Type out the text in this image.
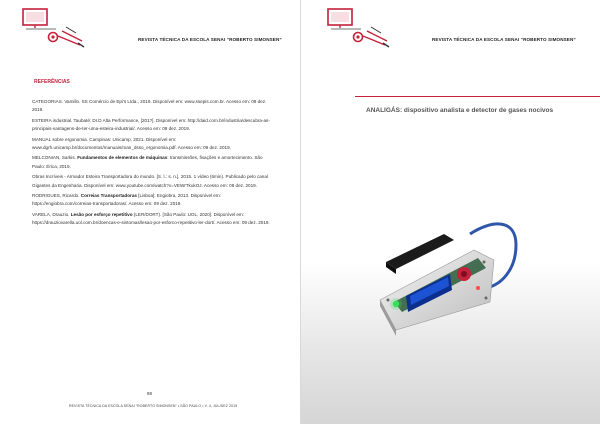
REVISTA TÉCNICA DA ESCOLA SENAI “ROBERTO SIMONSEN”
REFERÊNCIAS
CATEGORIAS. Vamillo. SS Comércio de Epi's Ltda., 2019. Disponível em: www.ssepis.com.br. Acesso em: 09 dez. 2019.
ESTEIRA industrial. Taubaté: DI.D Alta Performance, [201?]. Disponível em: http://daid.com.br/industria/descubra-as-principais-vantagens-de-ter-uma-esteira-industrial/. Acesso em: 09 dez. 2019.
MANUAL sobre ergonomia. Campinas: Unicamp, 2021. Disponível em: www.dgrh.unicamp.br/documentos/manuais/man_dsso_ergonomia.pdf. Acesso em: 09 dez. 2019.
MELCONIAN, Sarkis. Fundamentos de elementos de máquinas: transmissões, fixações e amortecimento. São Paulo: Érica, 2019.
Obras Incríveis - Armador Esteira Transportadora do mundo. [S. l.: s. n.], 2015. 1 vídeo (6min). Publicado pelo canal Gigantes da Engenharia. Disponível em: www.youtube.com/watch?v=VEWrTkukOJ. Acesso em: 09 dez. 2019.
RODRIGUES, Ricardo. Correias Transportadoras [Lisboa]: Engiobra, 2013. Disponível em: https://engiobra.com/correias-transportadoras/. Acesso em: 09 dez. 2019.
VARELA, Drauzio. Lesão por esforço repetitivo (LER/DORT). [São Paulo: UOL, 2020]. Disponível em: https://drauziovarella.uol.com.br/doencas-e-sintomas/lesao-por-esforco-repetitivo-ler-dort/. Acesso em: 09 dez. 2019.
98
REVISTA TÉCNICA DA ESCOLA SENAI “ROBERTO SIMONSEN” • SÃO PAULO • V. 4, JUL/DEZ 2019
REVISTA TÉCNICA DA ESCOLA SENAI “ROBERTO SIMONSEN”
ANALIGÁS: dispositivo analista e detector de gases nocivos
